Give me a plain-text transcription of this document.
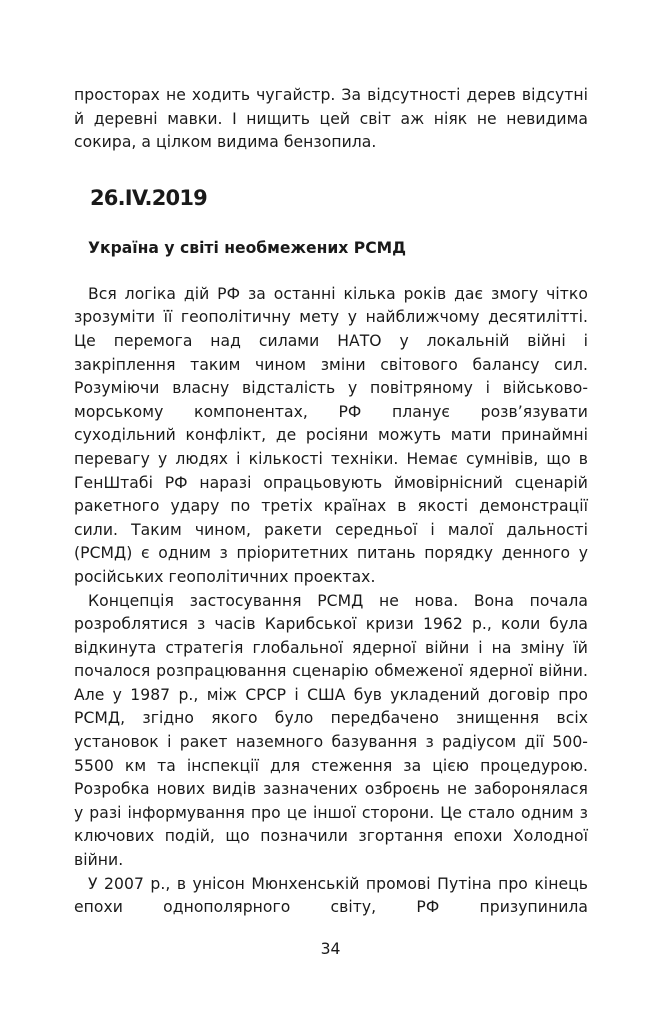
просторах не ходить чугайстр. За відсутності дерев відсутні й деревні мавки. І нищить цей світ аж ніяк не невидима сокира, а цілком видима бензопила.

26.IV.2019
Україна у світі необмежених РСМД

Вся логіка дій РФ за останні кілька років дає змогу чітко зрозуміти її геополітичну мету у найближчому десятилітті. Це перемога над силами НАТО у локальній війні і закріплення таким чином зміни світового балансу сил. Розуміючи власну відсталість у повітряному і військово-морському компонентах, РФ планує розв’язувати суходільний конфлікт, де росіяни можуть мати принаймні перевагу у людях і кількості техніки. Немає сумнівів, що в ГенШтабі РФ наразі опрацьовують ймовірнісний сценарій ракетного удару по третіх країнах в якості демонстрації сили. Таким чином, ракети середньої і малої дальності (РСМД) є одним з пріоритетних питань порядку денного у російських геополітичних проектах.

Концепція застосування РСМД не нова. Вона почала розроблятися з часів Карибської кризи 1962 р., коли була відкинута стратегія глобальної ядерної війни і на зміну їй почалося розпрацювання сценарію обмеженої ядерної війни. Але у 1987 р., між СРСР і США був укладений договір про РСМД, згідно якого було передбачено знищення всіх установок і ракет наземного базування з радіусом дії 500-5500 км та інспекції для стеження за цією процедурою. Розробка нових видів зазначених озброєнь не заборонялася у разі інформування про це іншої сторони. Це стало одним з ключових подій, що позначили згортання епохи Холодної війни.

У 2007 р., в унісон Мюнхенській промові Путіна про кінець епохи однополярного світу, РФ призупинила

34
